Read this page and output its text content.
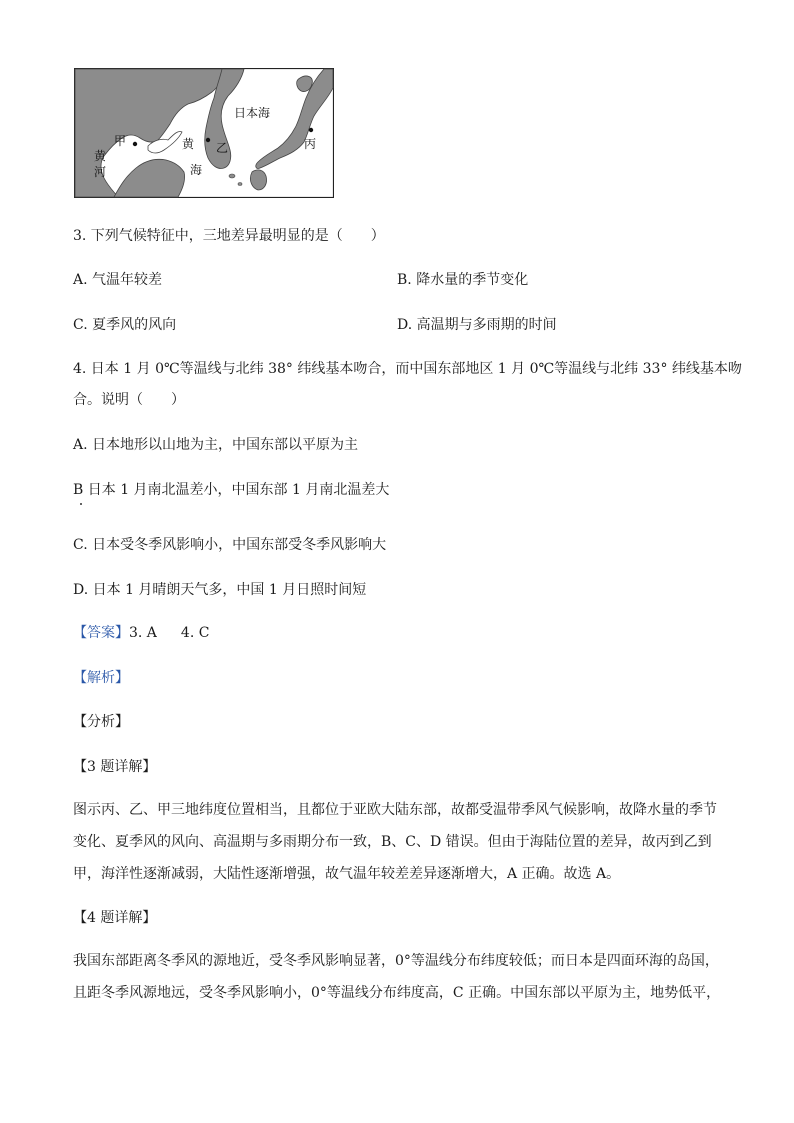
甲
黄
河
黄
海
乙
日本海
丙
3. 下列气候特征中，三地差异最明显的是（　　）
A. 气温年较差	B. 降水量的季节变化
C. 夏季风的风向	D. 高温期与多雨期的时间
4. 日本 1 月 0℃等温线与北纬 38° 纬线基本吻合，而中国东部地区 1 月 0℃等温线与北纬 33° 纬线基本吻
合。说明（　　）
A. 日本地形以山地为主，中国东部以平原为主
B 日本 1 月南北温差小，中国东部 1 月南北温差大
C. 日本受冬季风影响小，中国东部受冬季风影响大
D. 日本 1 月晴朗天气多，中国 1 月日照时间短
【答案】3. A 4. C
【解析】
【分析】
【3 题详解】
图示丙、乙、甲三地纬度位置相当，且都位于亚欧大陆东部，故都受温带季风气候影响，故降水量的季节变化、夏季风的风向、高温期与多雨期分布一致，B、C、D 错误。但由于海陆位置的差异，故丙到乙到甲，海洋性逐渐减弱，大陆性逐渐增强，故气温年较差差异逐渐增大，A 正确。故选 A。
【4 题详解】
我国东部距离冬季风的源地近，受冬季风影响显著，0°等温线分布纬度较低；而日本是四面环海的岛国，且距冬季风源地远，受冬季风影响小，0°等温线分布纬度高，C 正确。中国东部以平原为主，地势低平，
